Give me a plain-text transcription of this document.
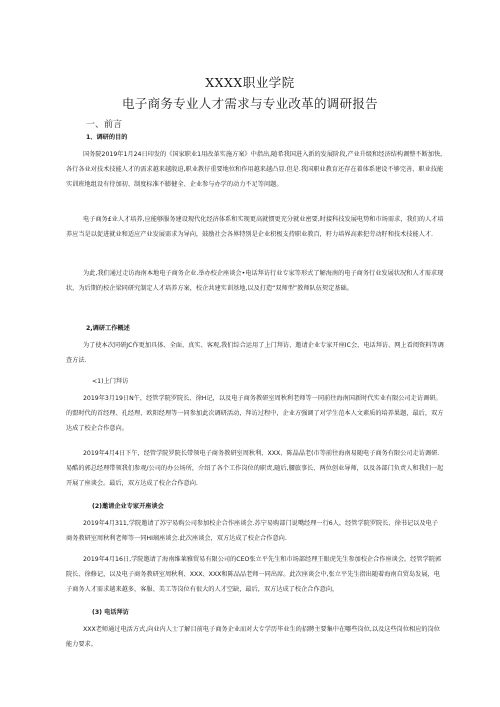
XXXX职业学院
电子商务专业人才需求与专业改革的调研报告
一、前言
1、调研的目的

国务院2019年1月24日印发的《国家职业1用改革实施方案》中指出,随希我国进入新的发展阶段,产业升级和经济结构调整不断加快,各行各业对技术技能人才的需求越来越殷迫,职业教仔重要地位和作用越来越凸显.但是.我国职业教育还存在着体系建设不够完善、职业技能实训班地组设有待加初、制度标准不膨健全、企业参与办学的动力不足等问题。

电子商务£业人才培养,应能够服务建设现代化经济体系和实现更高就惯更充分就业密要,时接科技发展电势和市场需求，我们的人才培养应当是以促进就业和适应产业发展需求为导向，鼓励社会各界特别是企业积极支持职业教百，籽力培界高素犯劳动籽和技术技能人才.

为此,我们通过走访海南本地电子商务企业.举办校企座谈会•电话拜访行业专家等形式了解海南的电子商务行业发展状况和人才需求现状，为后期的校企梁同研究制定人才培养方案，校企共建实训基地,以及打造“双师型”教师队伍契定基础。

2,调研工作概述

为了使本次同研JC作更加具体、全面、真实、客观,我们综合运用了上门拜访、邀请企业专家开座IC会、电话拜访、网上看阅资料等调查方法.

<1)上门拜访

2019年3月19日N午，经管学院罗院长、徐H记，以及电子商务教研室周秋利老师等一同前往海南国新时代实业有限公司走访调研。的盟时代的首经理、孔经理、欧阳经理等一同参加此次调研活动，拜访过程中，企业方强调了对学生范本人文素质的培养果题，最后，双方达成了校企合作意向。

2019年4月4日下午，经管学院罗院长带领电子商务教研室周秋利、XXX、陈晶晶老(市等前往海南易随电子商务有限公司走访调研.易酷的郭总经理带领我们参观/公司的办公场所，介绍了各个工作岗位的职责,随后,腰旅事长、两位创业导师，以及各部门负责人和我们一起开展了座谈会。最后，双方达成了校企合作意向.

(2)邀请企业专家开座谈会

2019年4月311,学院邀请了苏宁易购公司参加校企合作座谈会.苏宁易购部门说嘴经理一行6人，经管学院罗院长、徐书记以及电子商务教研室周秋利老师等一同HI璃座谈会.此次座谈会，双方达成了校企合作意向.

2019年4月16日,学院邀请了海南维莱雅贸易有限公司的CEO张立平先生和市场部经理王眼虎先生参加校企合作座谈会。经管学院郭院长、徐修记，以及电子商务教研室周秋利、XXX、XXX和陈品品老师一同出席。此次座谈会中,张立平先生指出随着海南自贸岛发展，电子商务人才需求越来越多，客服、美工等岗位有很大的人才空缺，最后，双方达成了校企合作意向，

(3) 电话拜访

XXX老师通过电活方式,向业内人士了解目前电子商务企业而对大专学历毕业生的招聘主要集中在哪些岗位,以及这些岗位相应的岗位能力要求。
